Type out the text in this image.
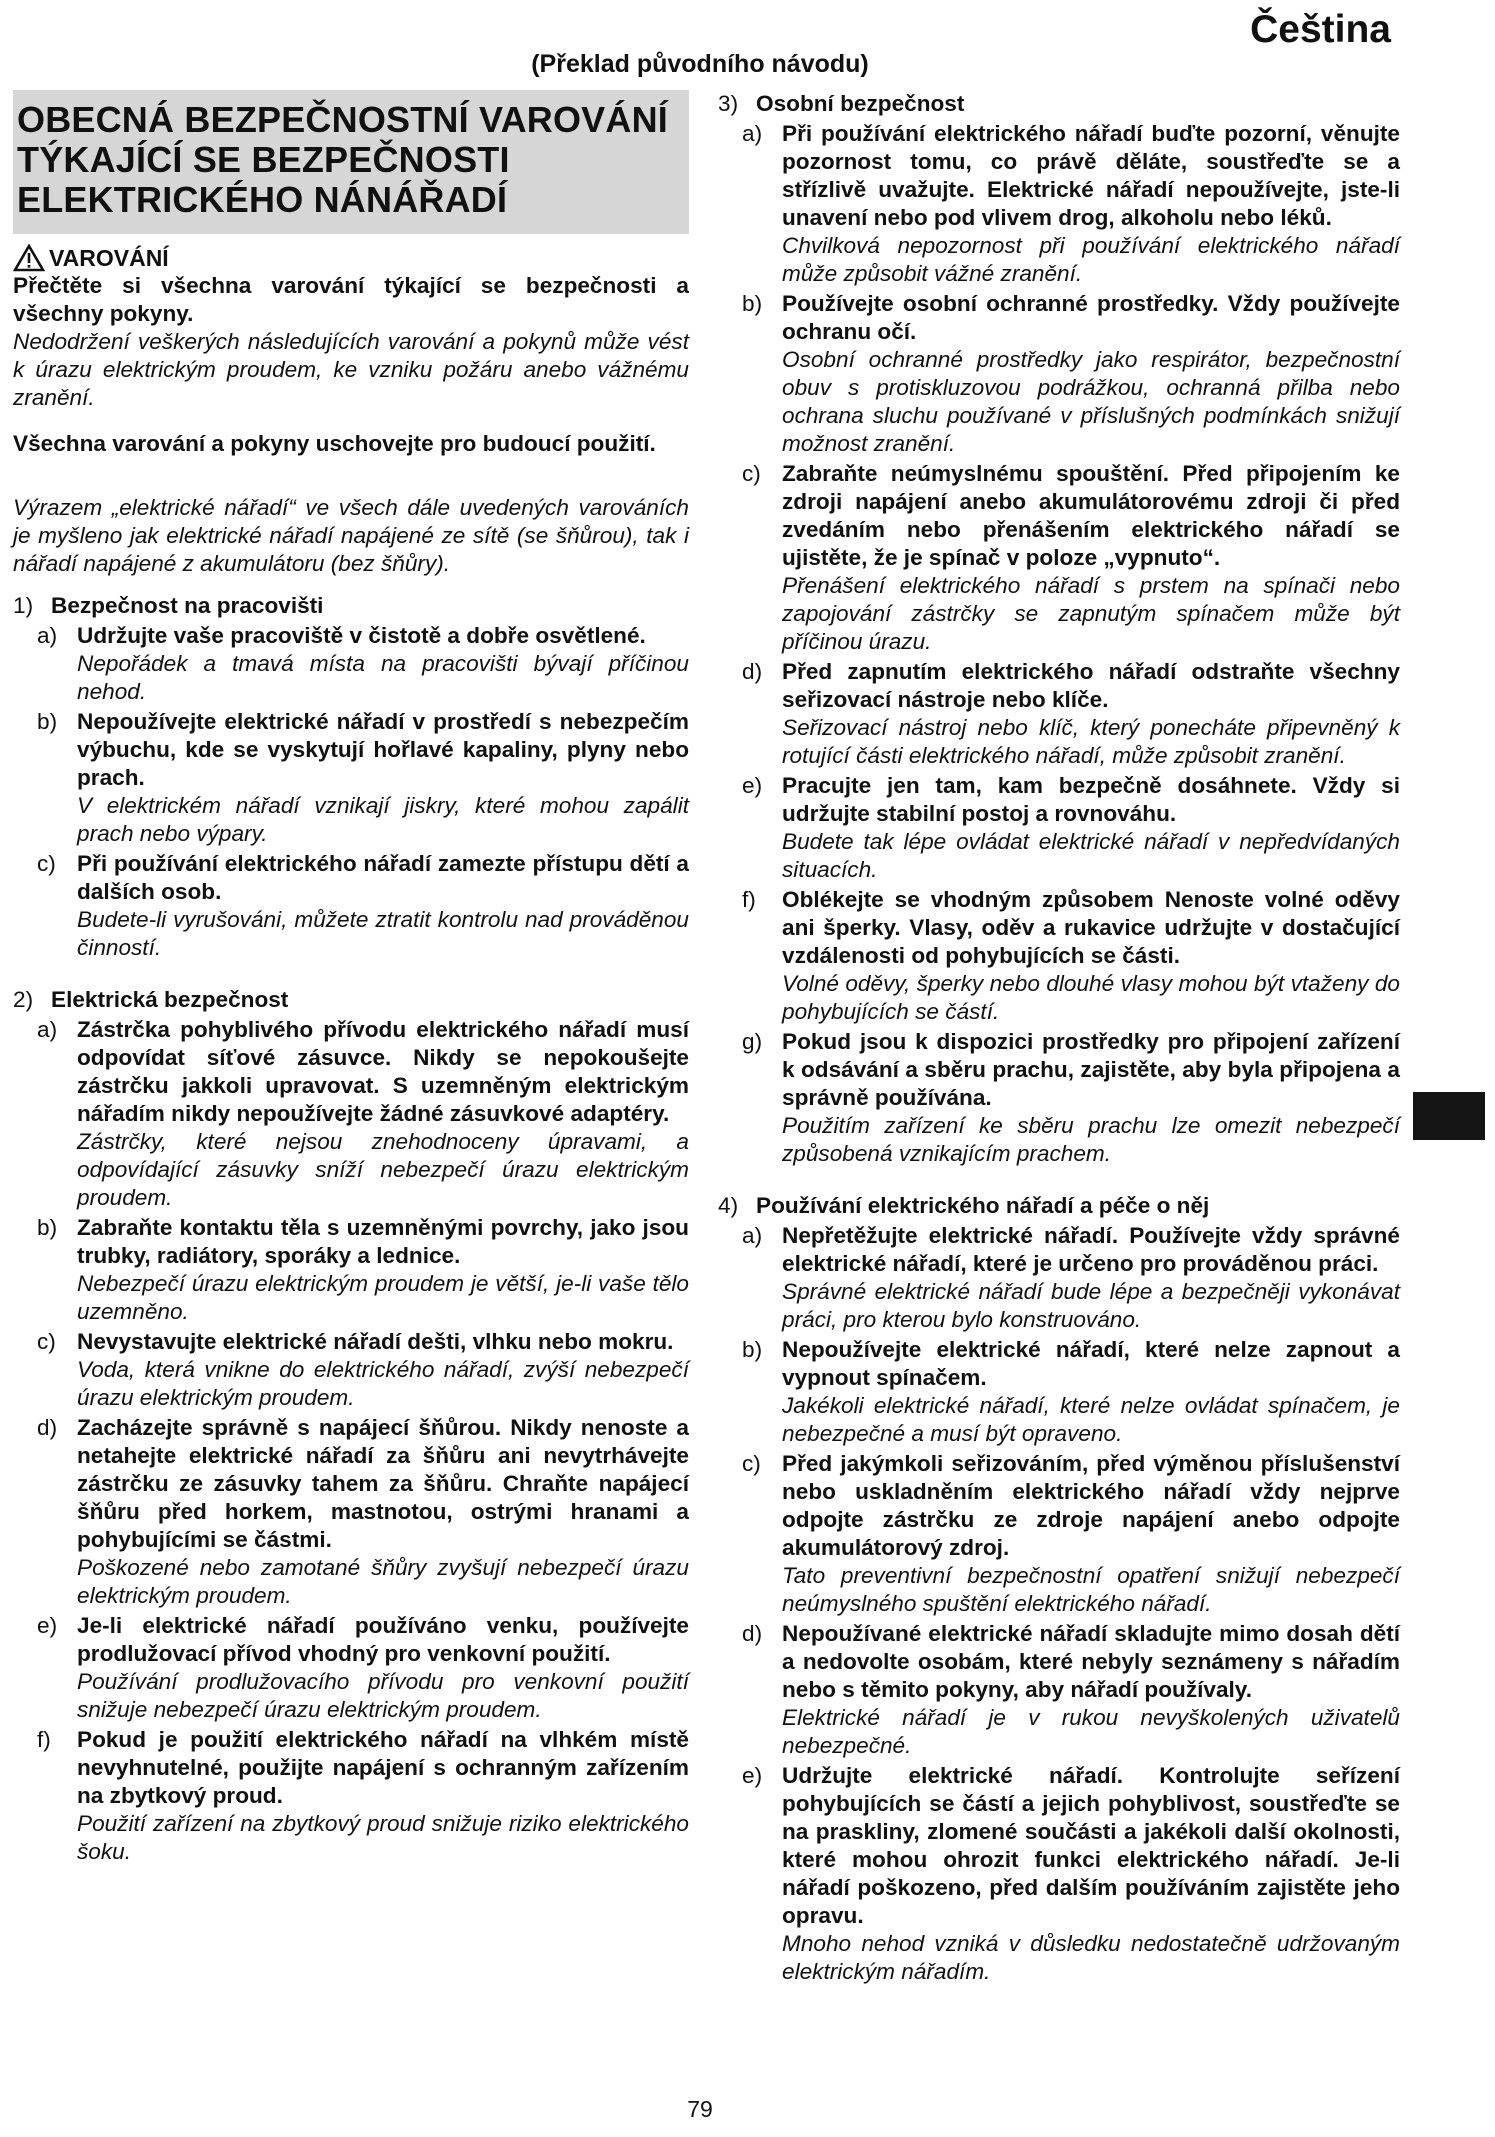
Čeština
(Překlad původního návodu)
OBECNÁ BEZPEČNOSTNÍ VAROVÁNÍ TÝKAJÍCÍ SE BEZPEČNOSTI ELEKTRICKÉHO NÁNÁŘADÍ
VAROVÁNÍ

Přečtěte si všechna varování týkající se bezpečnosti a všechny pokyny.

Nedodržení veškerých následujících varování a pokynů může vést k úrazu elektrickým proudem, ke vzniku požáru anebo vážnému zranění.

Všechna varování a pokyny uschovejte pro budoucí použití.

Výrazem „elektrické nářadí“ ve všech dále uvedených varováních je myšleno jak elektrické nářadí napájené ze sítě (se šňůrou), tak i nářadí napájené z akumulátoru (bez šňůry).

1) Bezpečnost na pracovišti
a) Udržujte vaše pracoviště v čistotě a dobře osvětlené.

Nepořádek a tmavá místa na pracovišti bývají příčinou nehod.

b) Nepoužívejte elektrické nářadí v prostředí s nebezpečím výbuchu, kde se vyskytují hořlavé kapaliny, plyny nebo prach.

V elektrickém nářadí vznikají jiskry, které mohou zapálit prach nebo výpary.

c) Při používání elektrického nářadí zamezte přístupu dětí a dalších osob.

Budete-li vyrušováni, můžete ztratit kontrolu nad prováděnou činností.

2) Elektrická bezpečnost
a) Zástrčka pohyblivého přívodu elektrického nářadí musí odpovídat síťové zásuvce. Nikdy se nepokoušejte zástrčku jakkoli upravovat. S uzemněným elektrickým nářadím nikdy nepoužívejte žádné zásuvkové adaptéry.

Zástrčky, které nejsou znehodnoceny úpravami, a odpovídající zásuvky sníží nebezpečí úrazu elektrickým proudem.

b) Zabraňte kontaktu těla s uzemněnými povrchy, jako jsou trubky, radiátory, sporáky a lednice.

Nebezpečí úrazu elektrickým proudem je větší, je-li vaše tělo uzemněno.

c) Nevystavujte elektrické nářadí dešti, vlhku nebo mokru.

Voda, která vnikne do elektrického nářadí, zvýší nebezpečí úrazu elektrickým proudem.

d) Zacházejte správně s napájecí šňůrou. Nikdy nenoste a netahejte elektrické nářadí za šňůru ani nevytrhávejte zástrčku ze zásuvky tahem za šňůru. Chraňte napájecí šňůru před horkem, mastnotou, ostrými hranami a pohybujícími se částmi.

Poškozené nebo zamotané šňůry zvyšují nebezpečí úrazu elektrickým proudem.

e) Je-li elektrické nářadí používáno venku, používejte prodlužovací přívod vhodný pro venkovní použití.

Používání prodlužovacího přívodu pro venkovní použití snižuje nebezpečí úrazu elektrickým proudem.

f)	Pokud je použití elektrického nářadí na vlhkém místě nevyhnutelné, použijte napájení s ochranným zařízením na zbytkový proud.

Použití zařízení na zbytkový proud snižuje riziko elektrického šoku.

3) Osobní bezpečnost
a) Při používání elektrického nářadí buďte pozorní, věnujte pozornost tomu, co právě děláte, soustřeďte se a střízlivě uvažujte. Elektrické nářadí nepoužívejte, jste-li unavení nebo pod vlivem drog, alkoholu nebo léků.

Chvilková nepozornost při používání elektrického nářadí může způsobit vážné zranění.

b) Používejte osobní ochranné prostředky. Vždy používejte ochranu očí.

Osobní ochranné prostředky jako respirátor, bezpečnostní obuv s protiskluzovou podrážkou, ochranná přilba nebo ochrana sluchu používané v příslušných podmínkách snižují možnost zranění.

c) Zabraňte neúmyslnému spouštění. Před připojením ke zdroji napájení anebo akumulátorovému zdroji či před zvedáním nebo přenášením elektrického nářadí se ujistěte, že je spínač v poloze „vypnuto“.

Přenášení elektrického nářadí s prstem na spínači nebo zapojování zástrčky se zapnutým spínačem může být příčinou úrazu.

d) Před zapnutím elektrického nářadí odstraňte všechny seřizovací nástroje nebo klíče.

Seřizovací nástroj nebo klíč, který ponecháte připevněný k rotující části elektrického nářadí, může způsobit zranění.

e) Pracujte jen tam, kam bezpečně dosáhnete. Vždy si udržujte stabilní postoj a rovnováhu.

Budete tak lépe ovládat elektrické nářadí v nepředvídaných situacích.

f)	Oblékejte se vhodným způsobem Nenoste volné oděvy ani šperky. Vlasy, oděv a rukavice udržujte v dostačující vzdálenosti od pohybujících se části.

Volné oděvy, šperky nebo dlouhé vlasy mohou být vtaženy do pohybujících se částí.

g) Pokud jsou k dispozici prostředky pro připojení zařízení k odsávání a sběru prachu, zajistěte, aby byla připojena a správně používána.

Použitím zařízení ke sběru prachu lze omezit nebezpečí způsobená vznikajícím prachem.

4) Používání elektrického nářadí a péče o něj
a) Nepřetěžujte elektrické nářadí. Používejte vždy správné elektrické nářadí, které je určeno pro prováděnou práci.

Správné elektrické nářadí bude lépe a bezpečněji vykonávat práci, pro kterou bylo konstruováno.

b) Nepoužívejte elektrické nářadí, které nelze zapnout a vypnout spínačem.

Jakékoli elektrické nářadí, které nelze ovládat spínačem, je nebezpečné a musí být opraveno.

c) Před jakýmkoli seřizováním, před výměnou příslušenství nebo uskladněním elektrického nářadí vždy nejprve odpojte zástrčku ze zdroje napájení anebo odpojte akumulátorový zdroj.

Tato preventivní bezpečnostní opatření snižují nebezpečí neúmyslného spuštění elektrického nářadí.

d) Nepoužívané elektrické nářadí skladujte mimo dosah dětí a nedovolte osobám, které nebyly seznámeny s nářadím nebo s těmito pokyny, aby nářadí používaly.

Elektrické nářadí je v rukou nevyškolených uživatelů nebezpečné.

e) Udržujte elektrické nářadí. Kontrolujte seřízení pohybujících se částí a jejich pohyblivost, soustřeďte se na praskliny, zlomené součásti a jakékoli další okolnosti, které mohou ohrozit funkci elektrického nářadí. Je-li nářadí poškozeno, před dalším používáním zajistěte jeho opravu.

Mnoho nehod vzniká v důsledku nedostatečně udržovaným elektrickým nářadím.

79
